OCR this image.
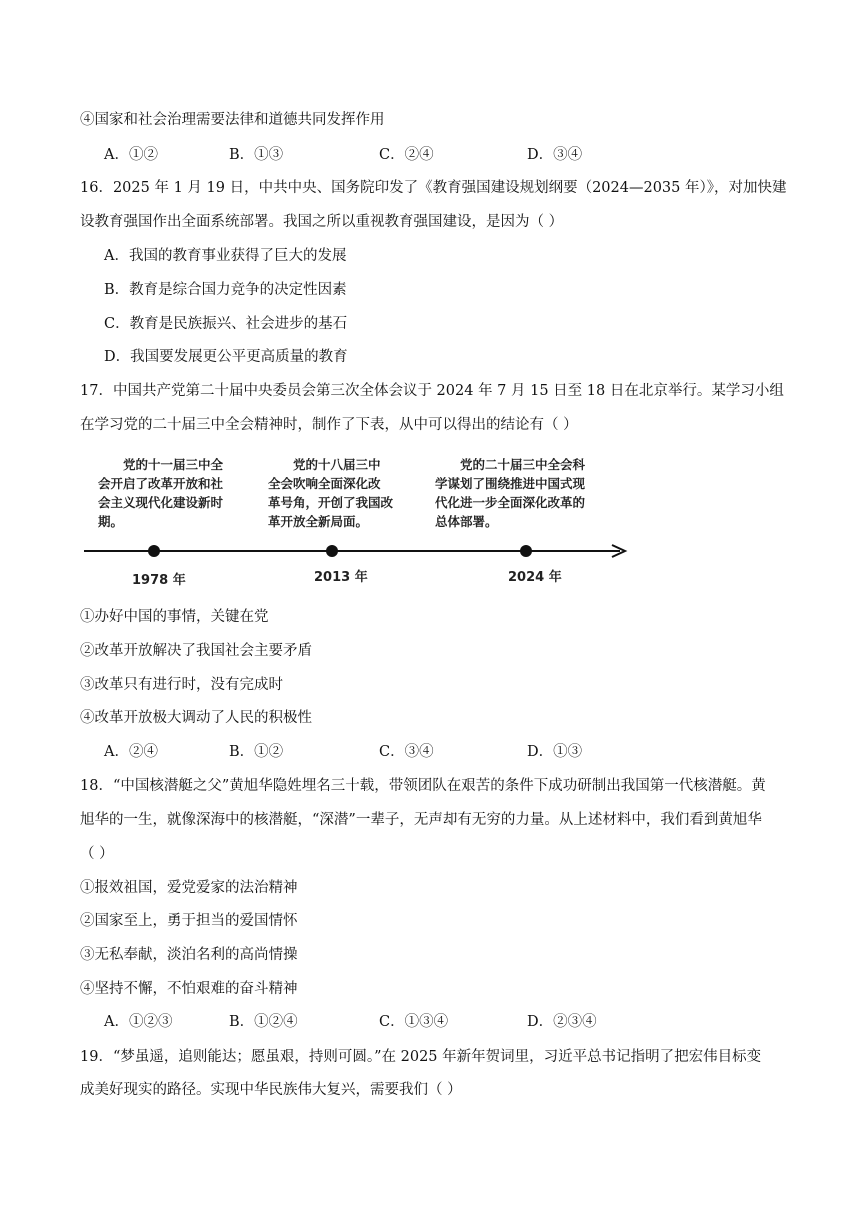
④国家和社会治理需要法律和道德共同发挥作用
A．①②	B．①③	C．②④	D．③④
16．2025 年 1 月 19 日，中共中央、国务院印发了《教育强国建设规划纲要（2024—2035 年）》，对加快建
设教育强国作出全面系统部署。我国之所以重视教育强国建设，是因为（ ）
A．我国的教育事业获得了巨大的发展
B．教育是综合国力竞争的决定性因素
C．教育是民族振兴、社会进步的基石
D．我国要发展更公平更高质量的教育
17．中国共产党第二十届中央委员会第三次全体会议于 2024 年 7 月 15 日至 18 日在北京举行。某学习小组
在学习党的二十届三中全会精神时，制作了下表，从中可以得出的结论有（ ）
　　党的十一届三中全
会开启了改革开放和社
会主义现代化建设新时
期。
　　党的十八届三中
全会吹响全面深化改
革号角，开创了我国改
革开放全新局面。
　　党的二十届三中全会科
学谋划了围绕推进中国式现
代化进一步全面深化改革的
总体部署。
1978 年	2013 年	2024 年
①办好中国的事情，关键在党
②改革开放解决了我国社会主要矛盾
③改革只有进行时，没有完成时
④改革开放极大调动了人民的积极性
A．②④	B．①②	C．③④	D．①③
18．“中国核潜艇之父”黄旭华隐姓埋名三十载，带领团队在艰苦的条件下成功研制出我国第一代核潜艇。黄
旭华的一生，就像深海中的核潜艇，“深潜”一辈子，无声却有无穷的力量。从上述材料中，我们看到黄旭华
（ ）
①报效祖国，爱党爱家的法治精神
②国家至上，勇于担当的爱国情怀
③无私奉献，淡泊名利的高尚情操
④坚持不懈，不怕艰难的奋斗精神
A．①②③	B．①②④	C．①③④	D．②③④
19．“梦虽遥，追则能达；愿虽艰，持则可圆。”在 2025 年新年贺词里，习近平总书记指明了把宏伟目标变
成美好现实的路径。实现中华民族伟大复兴，需要我们（ ）
